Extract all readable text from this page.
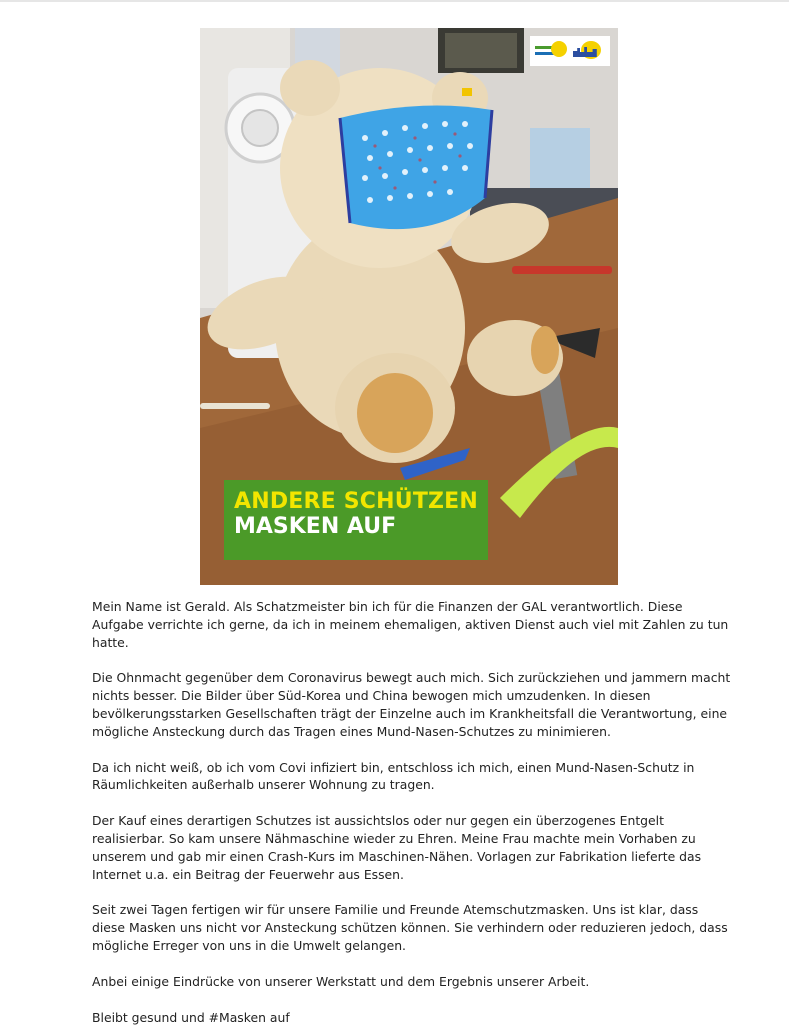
ANDERE SCHÜTZEN
MASKEN AUF

Mein Name ist Gerald. Als Schatzmeister bin ich für die Finanzen der GAL verantwortlich. Diese Aufgabe verrichte ich gerne, da ich in meinem ehemaligen, aktiven Dienst auch viel mit Zahlen zu tun hatte.

Die Ohnmacht gegenüber dem Coronavirus bewegt auch mich. Sich zurückziehen und jammern macht nichts besser. Die Bilder über Süd-Korea und China bewogen mich umzudenken. In diesen bevölkerungsstarken Gesellschaften trägt der Einzelne auch im Krankheitsfall die Verantwortung, eine mögliche Ansteckung durch das Tragen eines Mund-Nasen-Schutzes zu minimieren.

Da ich nicht weiß, ob ich vom Covi infiziert bin, entschloss ich mich, einen Mund-Nasen-Schutz in Räumlichkeiten außerhalb unserer Wohnung zu tragen.

Der Kauf eines derartigen Schutzes ist aussichtslos oder nur gegen ein überzogenes Entgelt realisierbar. So kam unsere Nähmaschine wieder zu Ehren. Meine Frau machte mein Vorhaben zu unserem und gab mir einen Crash-Kurs im Maschinen-Nähen. Vorlagen zur Fabrikation lieferte das Internet u.a. ein Beitrag der Feuerwehr aus Essen.

Seit zwei Tagen fertigen wir für unsere Familie und Freunde Atemschutzmasken. Uns ist klar, dass diese Masken uns nicht vor Ansteckung schützen können. Sie verhindern oder reduzieren jedoch, dass mögliche Erreger von uns in die Umwelt gelangen.

Anbei einige Eindrücke von unserer Werkstatt und dem Ergebnis unserer Arbeit.

Bleibt gesund und #Masken auf
